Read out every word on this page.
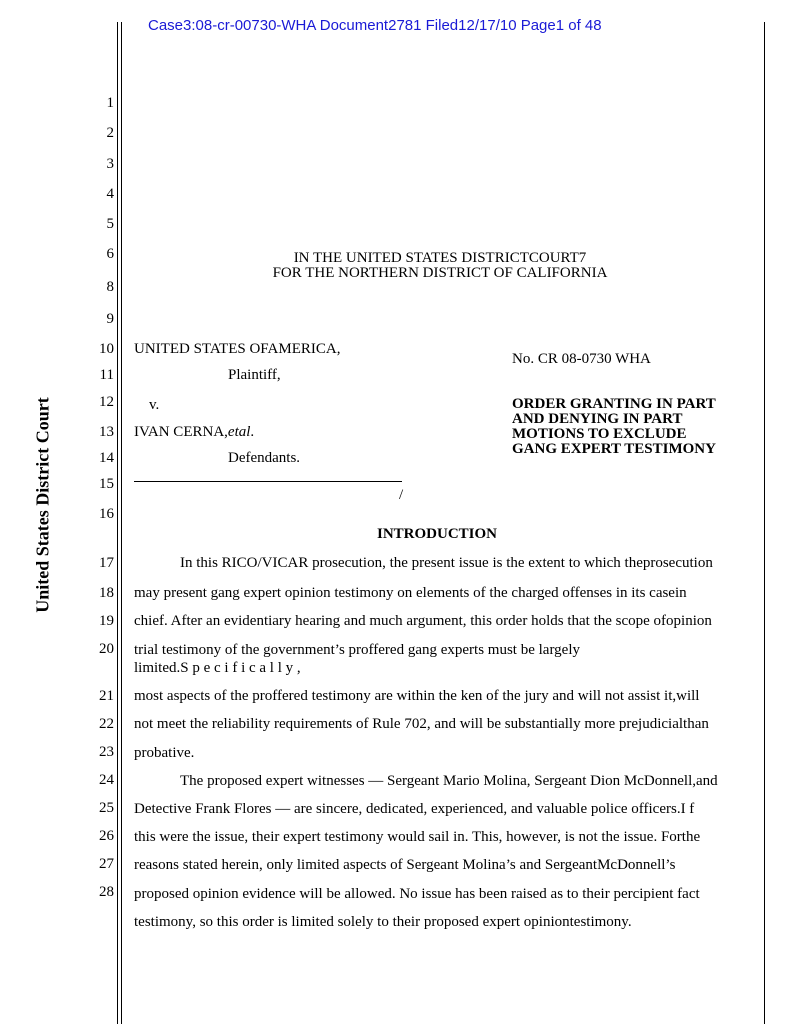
Case3:08-cr-00730-WHA Document2781 Filed12/17/10 Page1 of 48
United States District Court
1
2
3
4
5
6
8
9
10
11
12
13
14
15
16
17
18
19
20
21
22
23
24
25
26
27
28
IN THE UNITED STATES DISTRICTCOURT7
FOR THE NORTHERN DISTRICT OF CALIFORNIA
UNITED STATES OFAMERICA,
Plaintiff,
v.
IVAN CERNA,etal.
Defendants.
/
No. CR 08-0730 WHA
ORDER GRANTING IN PART
AND DENYING IN PART
MOTIONS TO EXCLUDE
GANG EXPERT TESTIMONY
INTRODUCTION
In this RICO/VICAR prosecution, the present issue is the extent to which theprosecution
may present gang expert opinion testimony on elements of the charged offenses in its casein
chief. After an evidentiary hearing and much argument, this order holds that the scope ofopinion
trial testimony of the government’s proffered gang experts must be largely
limited.S p e c i f i c a l l y ,
most aspects of the proffered testimony are within the ken of the jury and will not assist it,will
not meet the reliability requirements of Rule 702, and will be substantially more prejudicialthan
probative.
The proposed expert witnesses — Sergeant Mario Molina, Sergeant Dion McDonnell,and
Detective Frank Flores — are sincere, dedicated, experienced, and valuable police officers.I f
this were the issue, their expert testimony would sail in. This, however, is not the issue. Forthe
reasons stated herein, only limited aspects of Sergeant Molina’s and SergeantMcDonnell’s
proposed opinion evidence will be allowed. No issue has been raised as to their percipient fact
testimony, so this order is limited solely to their proposed expert opiniontestimony.
